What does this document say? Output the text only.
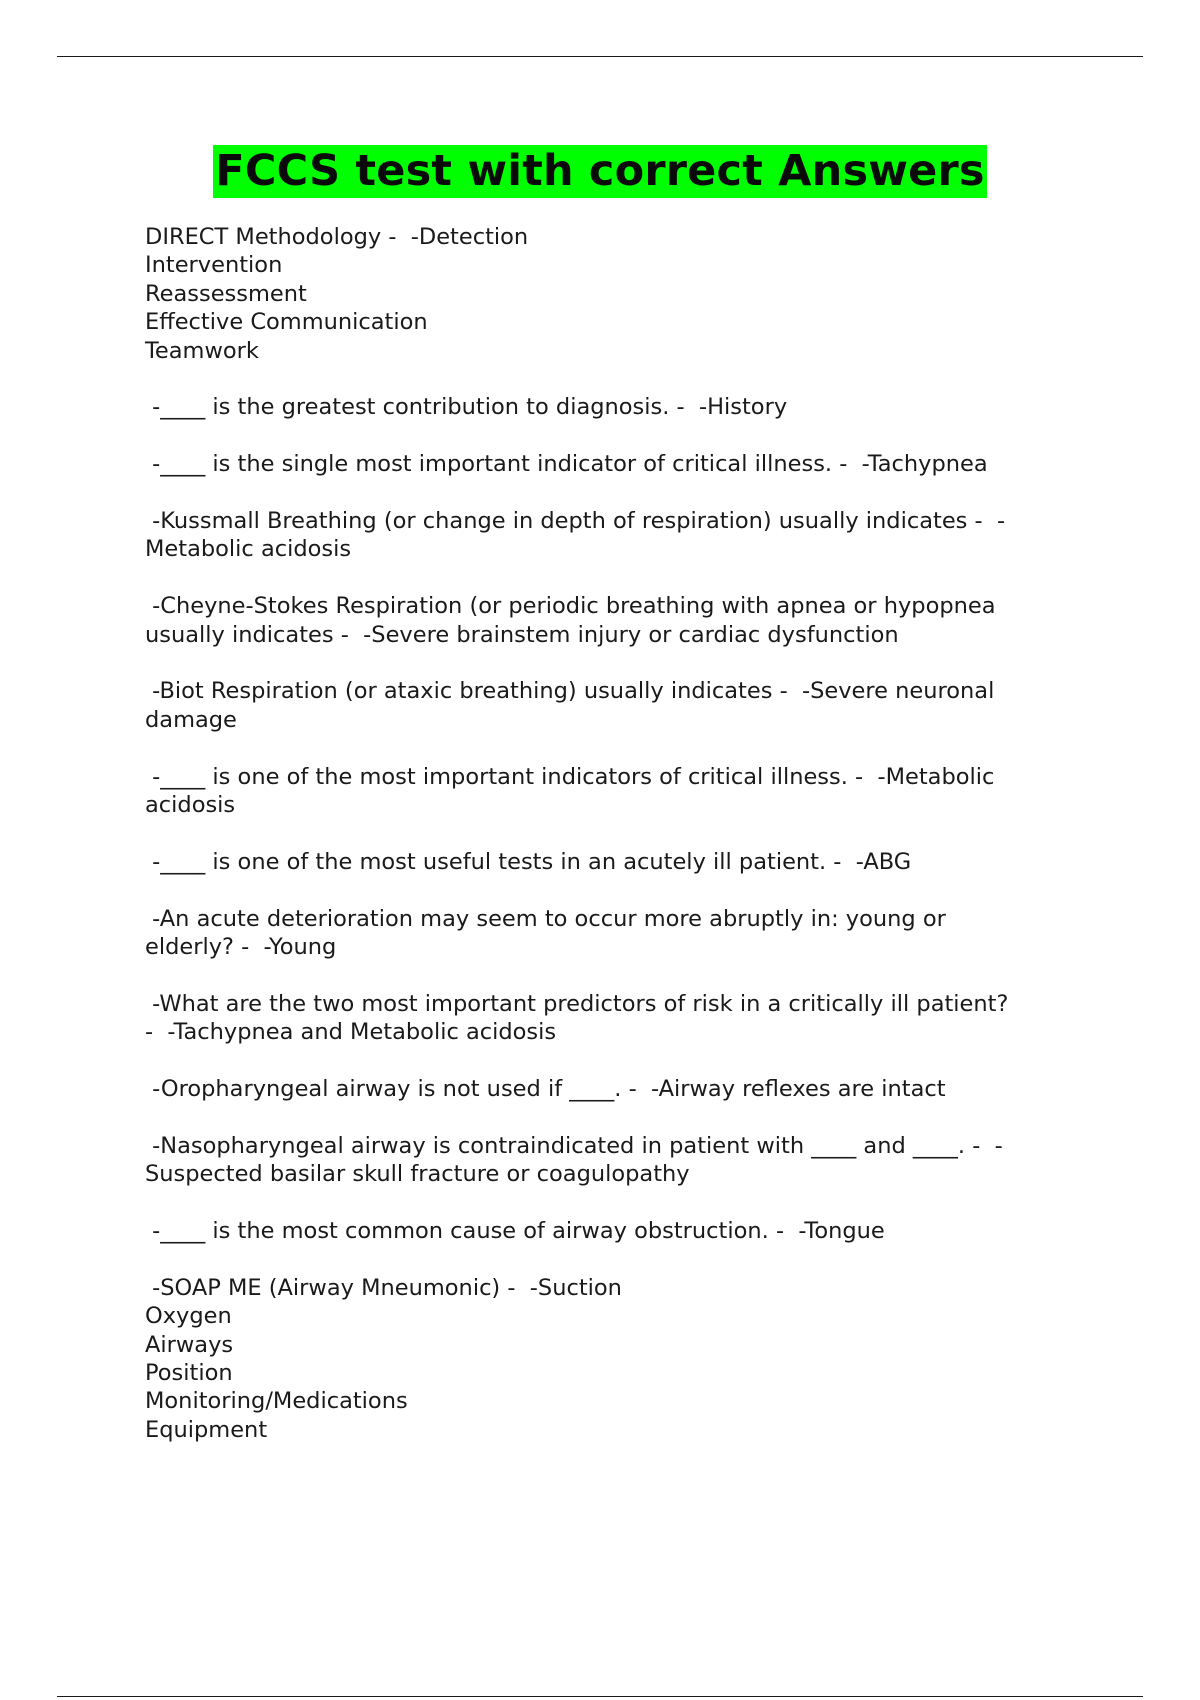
FCCS test with correct Answers
DIRECT Methodology -  -Detection
Intervention
Reassessment
Effective Communication
Teamwork
-____ is the greatest contribution to diagnosis. -  -History
-____ is the single most important indicator of critical illness. -  -Tachypnea
-Kussmall Breathing (or change in depth of respiration) usually indicates -  -
Metabolic acidosis
-Cheyne-Stokes Respiration (or periodic breathing with apnea or hypopnea
usually indicates -  -Severe brainstem injury or cardiac dysfunction
-Biot Respiration (or ataxic breathing) usually indicates -  -Severe neuronal
damage
-____ is one of the most important indicators of critical illness. -  -Metabolic
acidosis
-____ is one of the most useful tests in an acutely ill patient. -  -ABG
-An acute deterioration may seem to occur more abruptly in: young or
elderly? -  -Young
-What are the two most important predictors of risk in a critically ill patient?
-  -Tachypnea and Metabolic acidosis
-Oropharyngeal airway is not used if ____. -  -Airway reflexes are intact
-Nasopharyngeal airway is contraindicated in patient with ____ and ____. -  -
Suspected basilar skull fracture or coagulopathy
-____ is the most common cause of airway obstruction. -  -Tongue
-SOAP ME (Airway Mneumonic) -  -Suction
Oxygen
Airways
Position
Monitoring/Medications
Equipment
